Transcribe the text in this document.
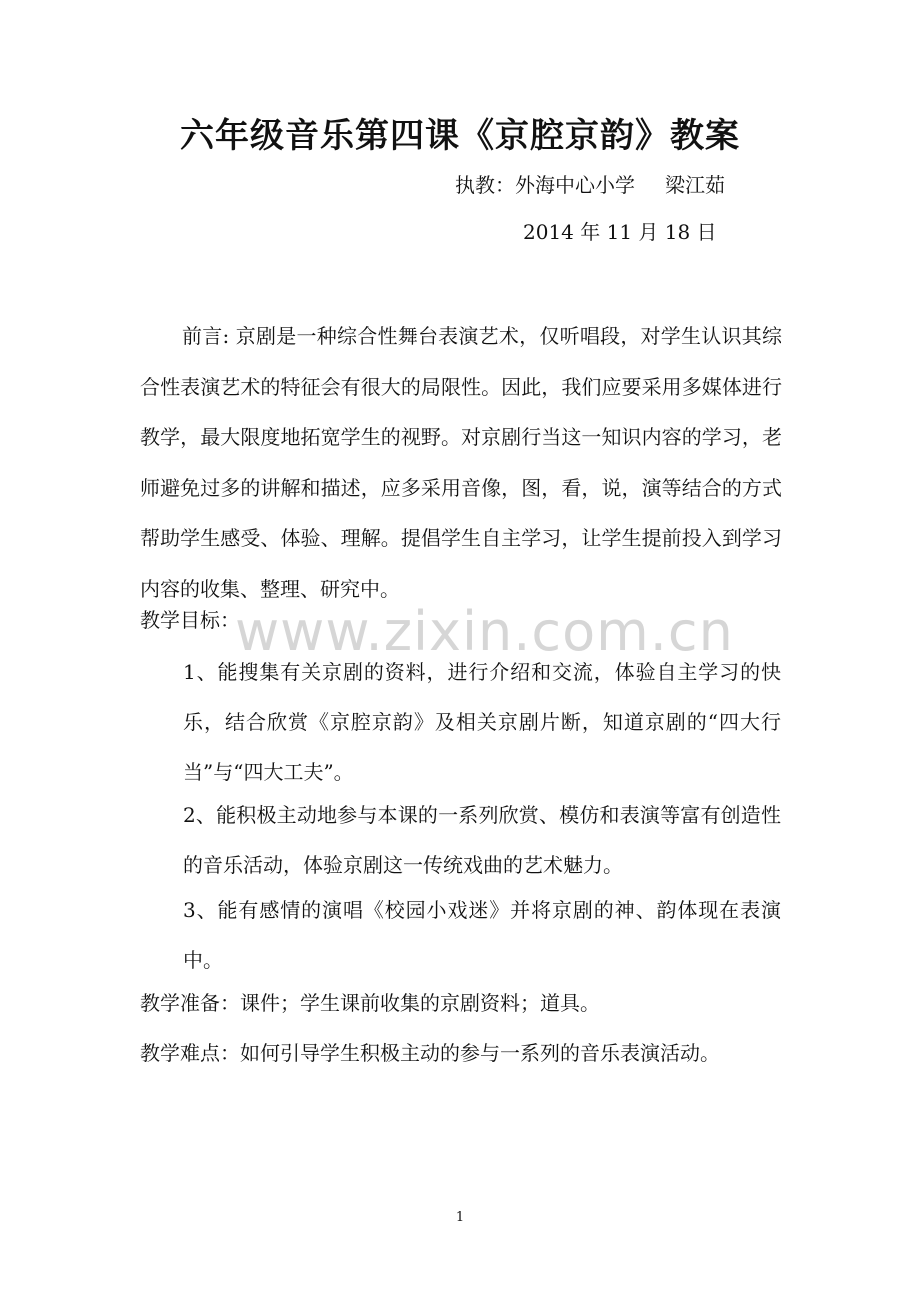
www.zixin.com.cn
六年级音乐第四课《京腔京韵》教案
执教：外海中心小学 梁江茹
2014 年 11 月 18 日
前言: 京剧是一种综合性舞台表演艺术，仅听唱段，对学生认识其综合性表演艺术的特征会有很大的局限性。因此，我们应要采用多媒体进行教学，最大限度地拓宽学生的视野。对京剧行当这一知识内容的学习，老师避免过多的讲解和描述，应多采用音像，图，看，说，演等结合的方式帮助学生感受、体验、理解。提倡学生自主学习，让学生提前投入到学习内容的收集、整理、研究中。
教学目标：
1、能搜集有关京剧的资料，进行介绍和交流，体验自主学习的快乐，结合欣赏《京腔京韵》及相关京剧片断，知道京剧的“四大行当”与“四大工夫”。
2、能积极主动地参与本课的一系列欣赏、模仿和表演等富有创造性的音乐活动，体验京剧这一传统戏曲的艺术魅力。
3、能有感情的演唱《校园小戏迷》并将京剧的神、韵体现在表演中。
教学准备：课件；学生课前收集的京剧资料；道具。
教学难点：如何引导学生积极主动的参与一系列的音乐表演活动。
1
